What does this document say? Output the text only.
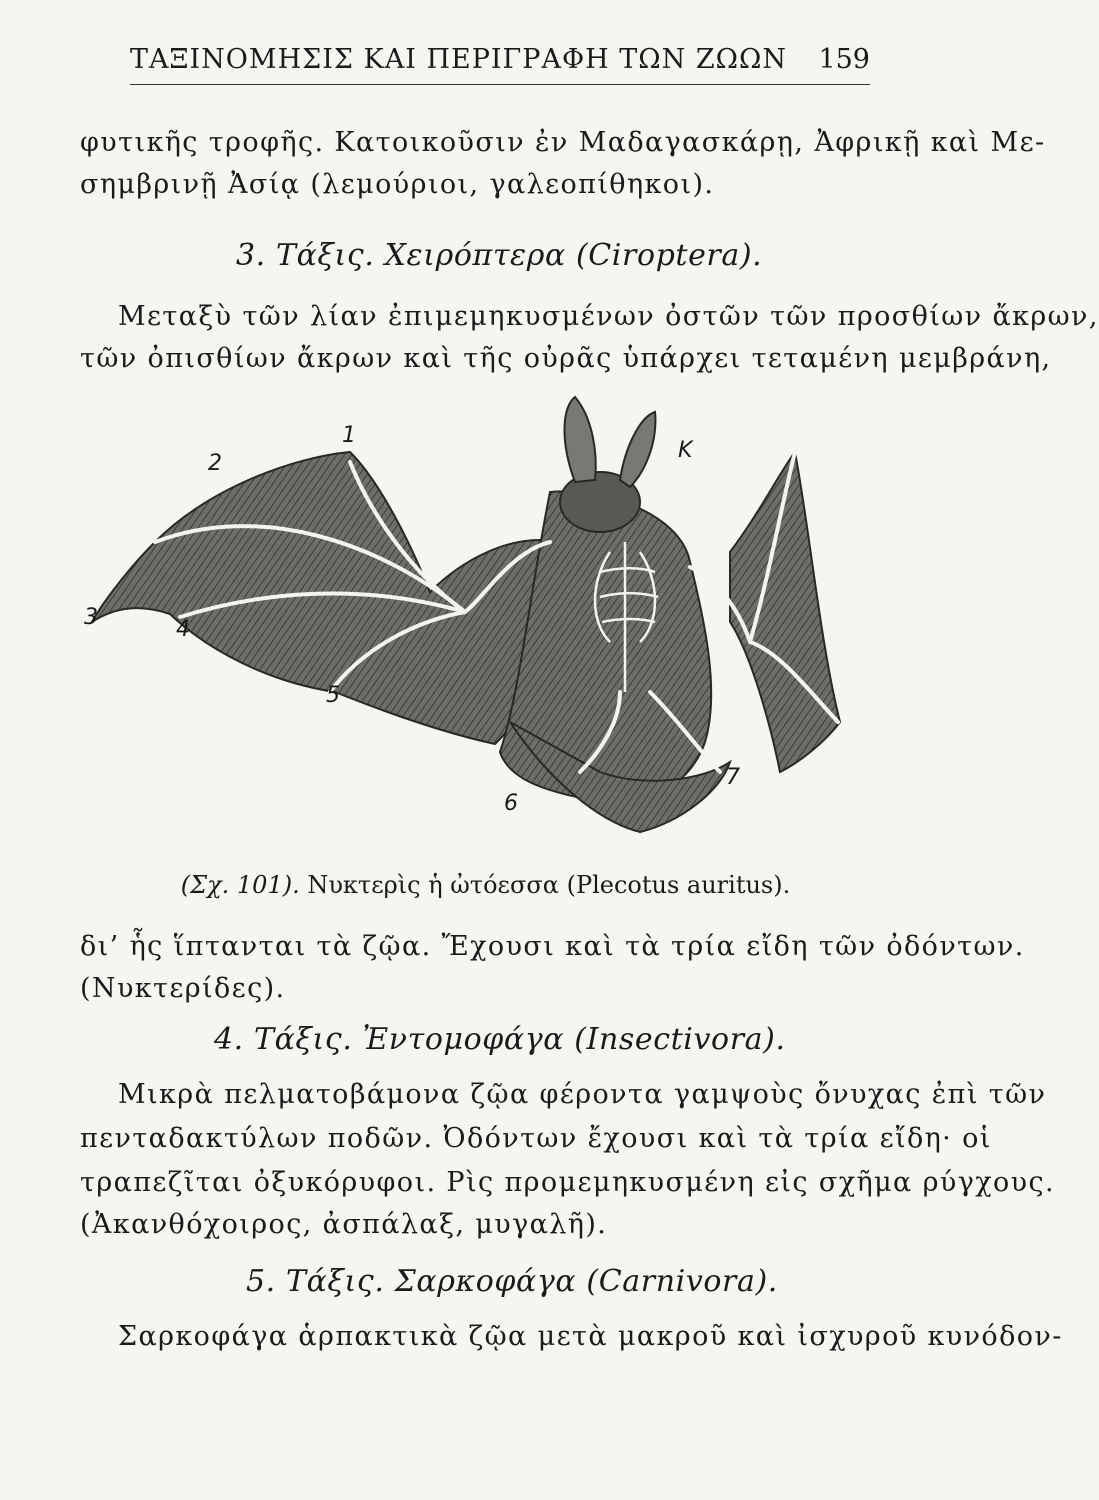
ΤΑΞΙΝΟΜΗΣΙΣ ΚΑΙ ΠΕΡΙΓΡΑΦΗ ΤΩΝ ΖΩΩΝ 159
φυτικῆς τροφῆς. Κατοικοῦσιν ἐν Μαδαγασκάρῃ, Ἀφρικῇ καὶ Με-
σημβρινῇ Ἀσίᾳ (λεμούριοι, γαλεοπίθηκοι).
3. Τάξις. Χειρόπτερα (Ciroptera).
Μεταξὺ τῶν λίαν ἐπιμεμηκυσμένων ὀστῶν τῶν προσθίων ἄκρων,
τῶν ὀπισθίων ἄκρων καὶ τῆς οὐρᾶς ὑπάρχει τεταμένη μεμβράνη,
1
2
3	4
5
6
7
K
(Σχ. 101). Νυκτερὶς ἡ ὠτόεσσα (Plecotus auritus).
δι’ ἧς ἵπτανται τὰ ζῷα. Ἔχουσι καὶ τὰ τρία εἴδη τῶν ὀδόντων.
(Νυκτερίδες).
4. Τάξις. Ἐντομοφάγα (Insectivora).
Μικρὰ πελματοβάμονα ζῷα φέροντα γαμψοὺς ὄνυχας ἐπὶ τῶν
πενταδακτύλων ποδῶν. Ὀδόντων ἔχουσι καὶ τὰ τρία εἴδη· οἱ
τραπεζῖται ὀξυκόρυφοι. Ρὶς προμεμηκυσμένη εἰς σχῆμα ρύγχους.
(Ἀκανθόχοιρος, ἀσπάλαξ, μυγαλῆ).
5. Τάξις. Σαρκοφάγα (Carnivora).
Σαρκοφάγα ἁρπακτικὰ ζῷα μετὰ μακροῦ καὶ ἰσχυροῦ κυνόδον-
